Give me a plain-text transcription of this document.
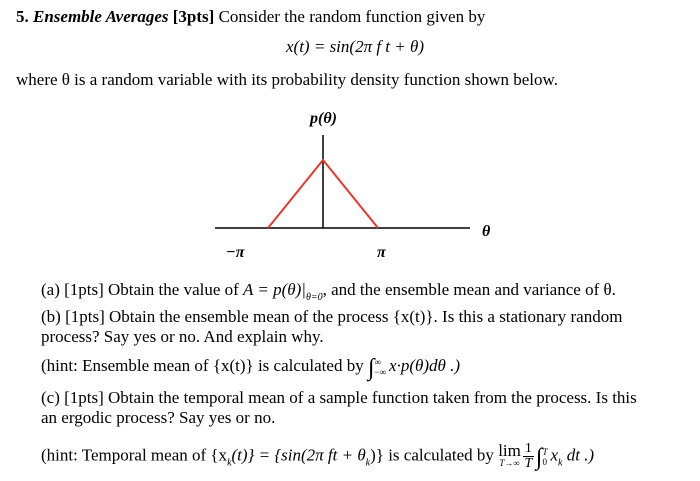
5. Ensemble Averages [3pts] Consider the random function given by
x(t) = sin(2π f t + θ)
where θ is a random variable with its probability density function shown below.
p(θ)
θ
−π	π
(a) [1pts] Obtain the value of $A = p(\theta)|_{\theta=0}$, and the ensemble mean and variance of θ.
(b) [1pts] Obtain the ensemble mean of the process {x(t)}. Is this a stationary random
process? Say yes or no. And explain why.
(hint: Ensemble mean of {x(t)} is calculated by ∫ ∞
−∞ x·p(θ)dθ .)
(c) [1pts] Obtain the temporal mean of a sample function taken from the process. Is this
an ergodic process? Say yes or no.
(hint: Temporal mean of $\{x_k(t)\} = \{\sin(2\pi$ ft + $\theta_k$)} is calculated by lim
$T\to\infty \frac{1}{T}$ ∫ T
0 $x_k$ dt .)
